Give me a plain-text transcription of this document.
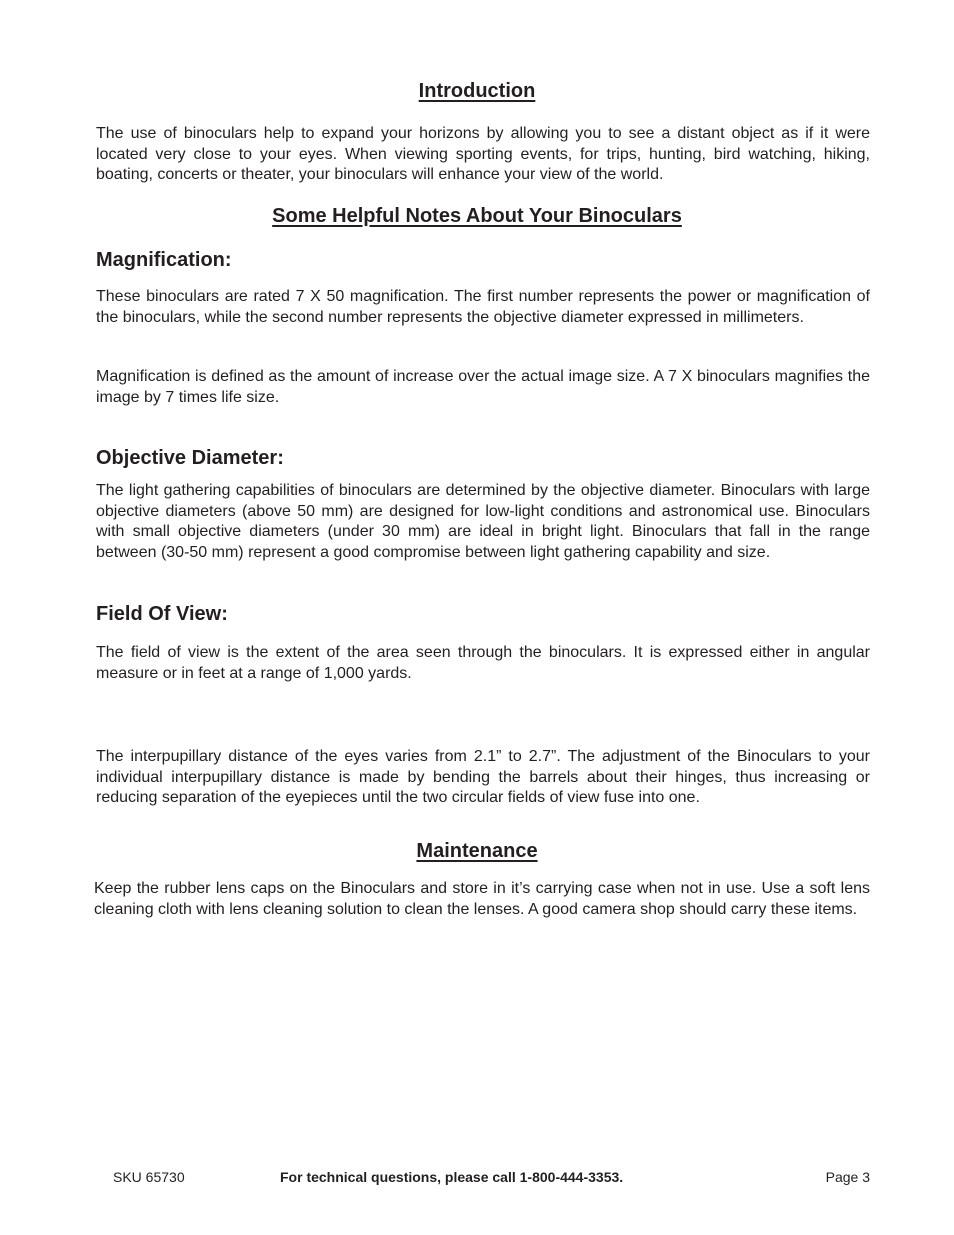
Introduction

The use of binoculars help to expand your horizons by allowing you to see a distant object as if it were located very close to your eyes. When viewing sporting events, for trips, hunting, bird watching, hiking, boating, concerts or theater, your binoculars will enhance your view of the world.

Some Helpful Notes About Your Binoculars
Magnification:

These binoculars are rated 7 X 50 magnification. The first number represents the power or magnification of the binoculars, while the second number represents the objective diameter expressed in millimeters.

Magnification is defined as the amount of increase over the actual image size. A 7 X binoculars magnifies the image by 7 times life size.

Objective Diameter:

The light gathering capabilities of binoculars are determined by the objective diameter. Binoculars with large objective diameters (above 50 mm) are designed for low-light conditions and astronomical use. Binoculars with small objective diameters (under 30 mm) are ideal in bright light. Binoculars that fall in the range between (30-50 mm) represent a good compromise between light gathering capability and size.

Field Of View:

The field of view is the extent of the area seen through the binoculars. It is expressed either in angular measure or in feet at a range of 1,000 yards.

The interpupillary distance of the eyes varies from 2.1” to 2.7”. The adjustment of the Binoculars to your individual interpupillary distance is made by bending the barrels about their hinges, thus increasing or reducing separation of the eyepieces until the two circular fields of view fuse into one.

Maintenance

Keep the rubber lens caps on the Binoculars and store in it’s carrying case when not in use. Use a soft lens cleaning cloth with lens cleaning solution to clean the lenses. A good camera shop should carry these items.

SKU 65730	For technical questions, please call 1-800-444-3353.	Page 3
